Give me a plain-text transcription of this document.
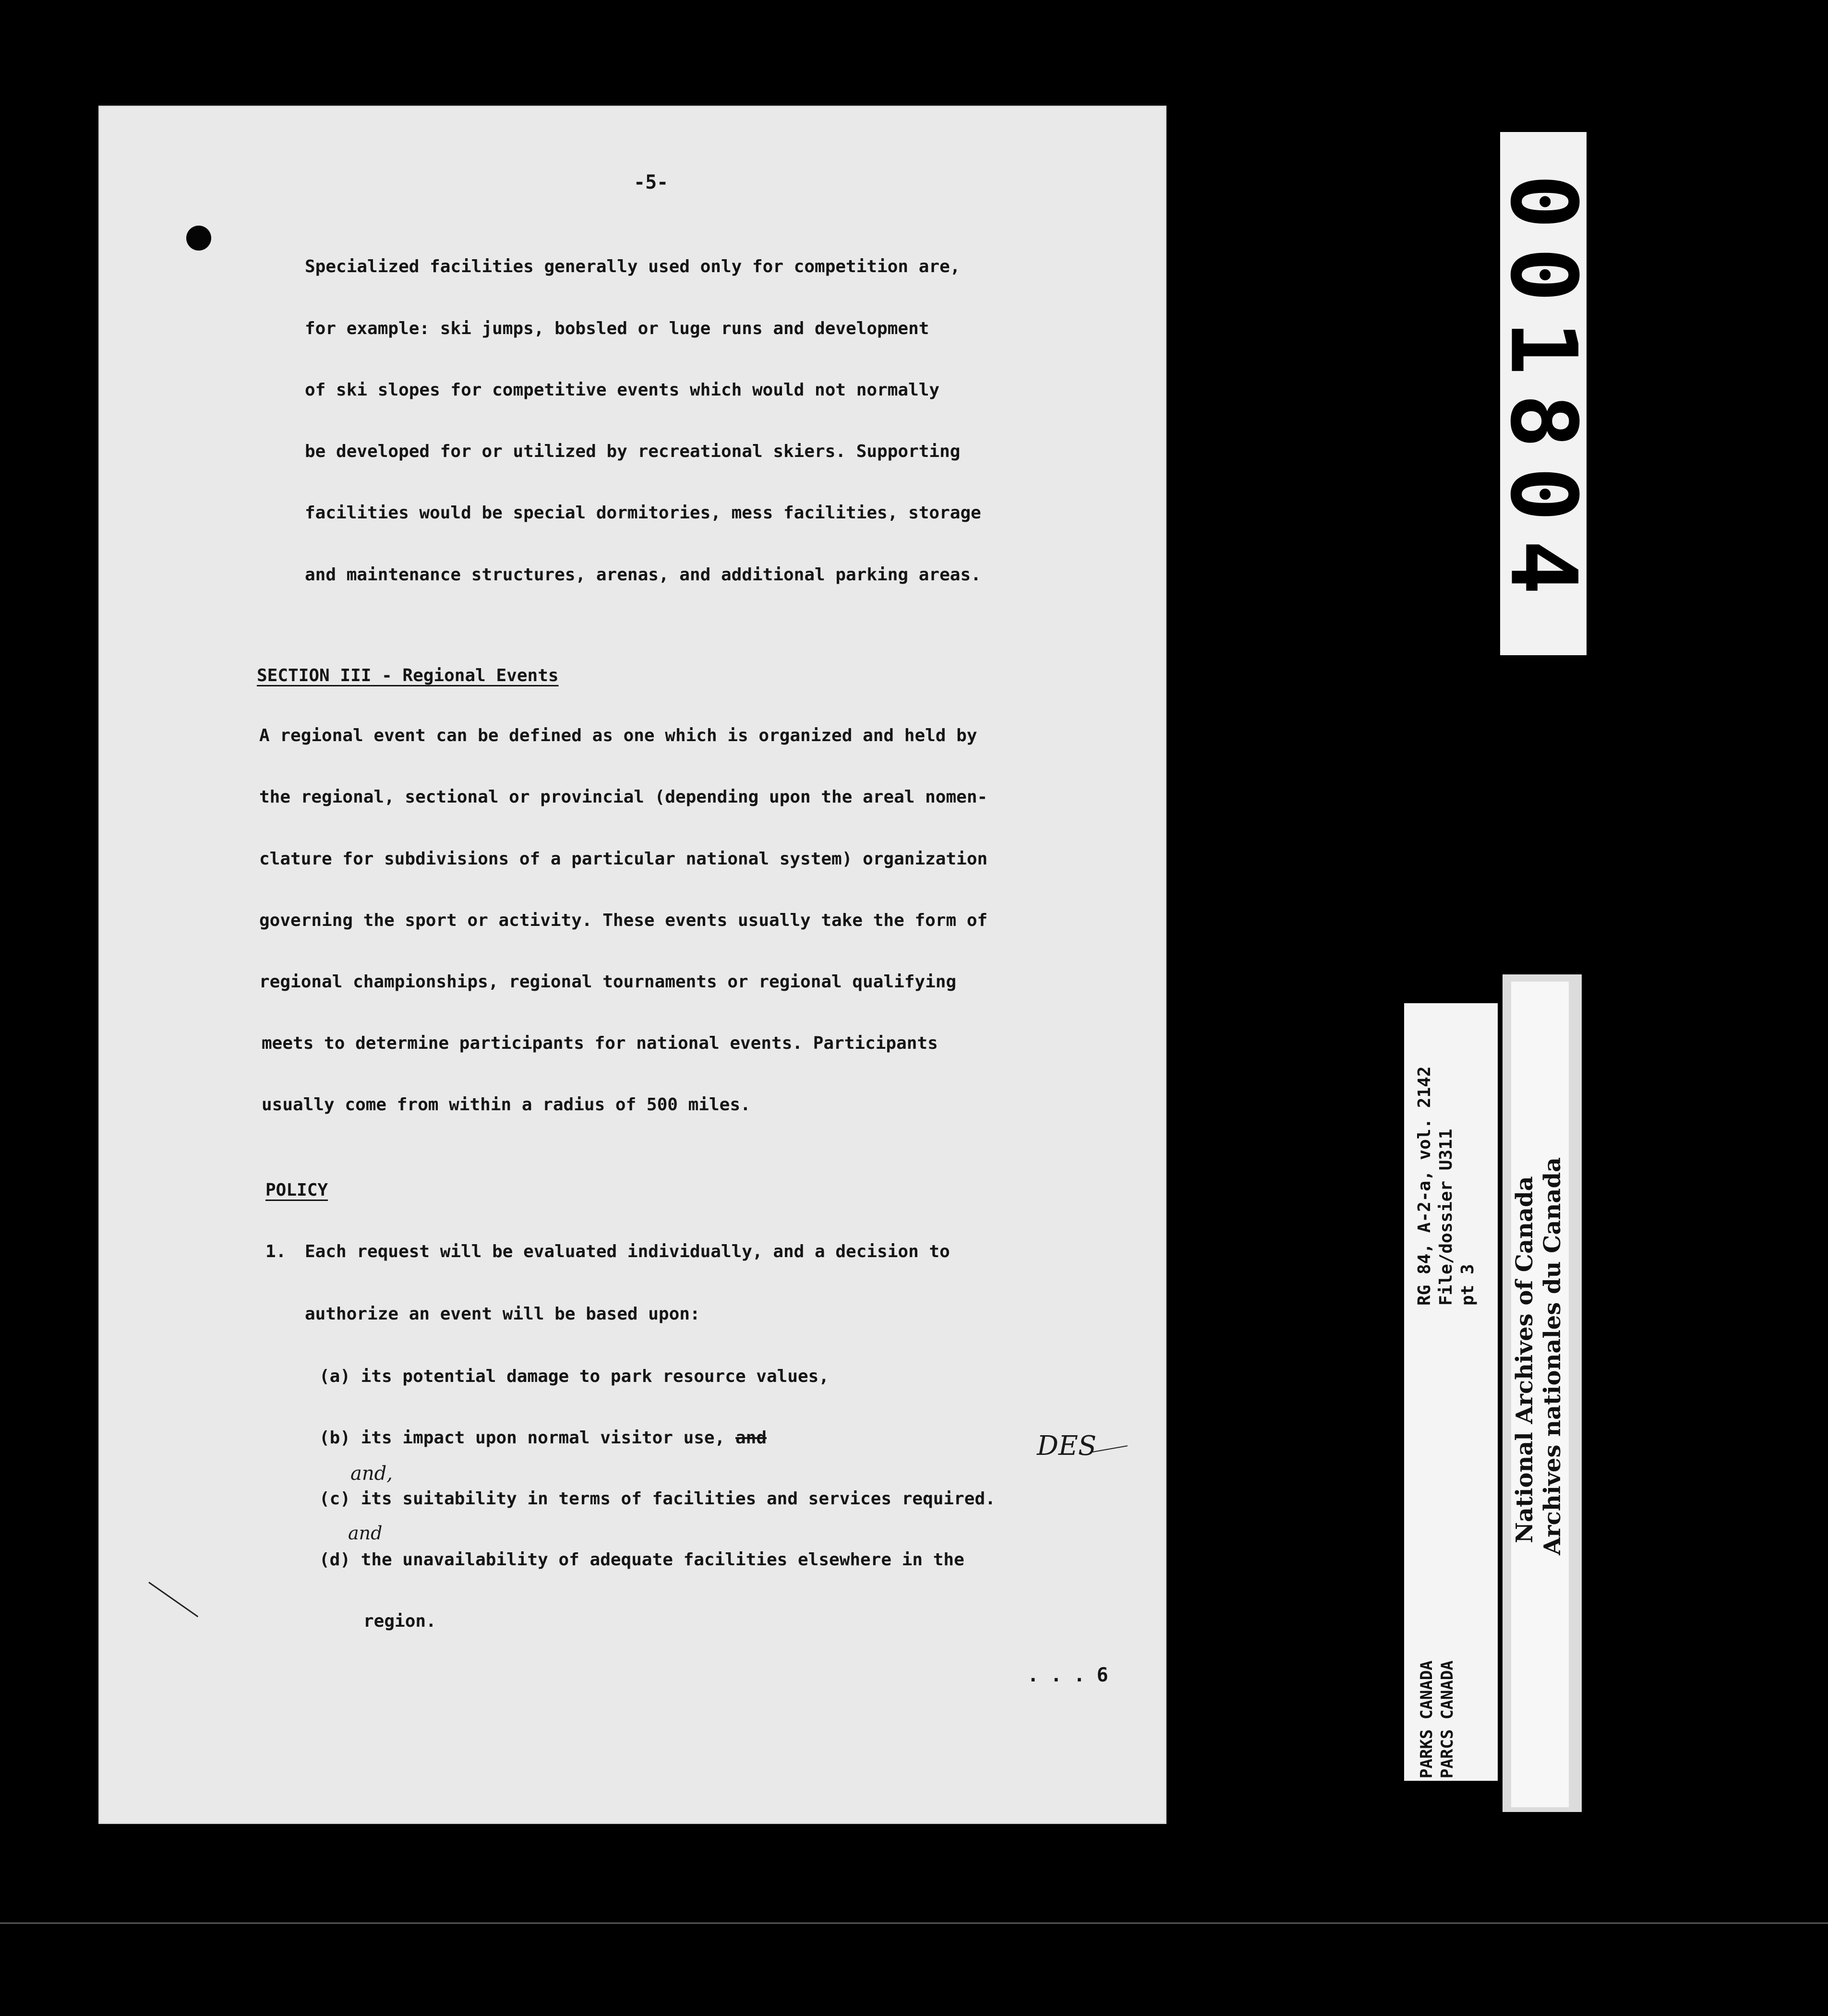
-5-
Specialized facilities generally used only for competition are,
for example: ski jumps, bobsled or luge runs and development
of ski slopes for competitive events which would not normally
be developed for or utilized by recreational skiers. Supporting
facilities would be special dormitories, mess facilities, storage
and maintenance structures, arenas, and additional parking areas.
SECTION III - Regional Events
A regional event can be defined as one which is organized and held by
the regional, sectional or provincial (depending upon the areal nomen-
clature for subdivisions of a particular national system) organization
governing the sport or activity. These events usually take the form of
regional championships, regional tournaments or regional qualifying
meets to determine participants for national events. Participants
usually come from within a radius of 500 miles.
POLICY
1. Each request will be evaluated individually, and a decision to
authorize an event will be based upon:
(a) its potential damage to park resource values,
(b) its impact upon normal visitor use, and
and,
(c) its suitability in terms of facilities and services required.
and
(d) the unavailability of adequate facilities elsewhere in the
region.
. . . 6
DES
001804
PARKS CANADA PARCS CANADA
RG 84, A-2-a, vol. 2142 File/dossier U311 pt 3 National Archives of Canada Archives nationales du Canada
